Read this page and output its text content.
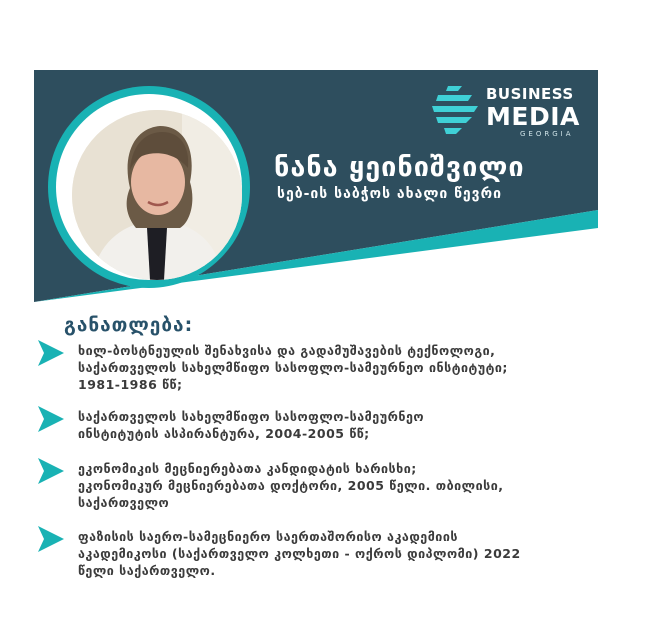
BUSINESS
MEDIA
GEORGIA
ნანა ყეინიშვილი
სებ-ის საბჭოს ახალი წევრი
განათლება:
ხილ-ბოსტნეულის შენახვისა და გადამუშავების ტექნოლოგი,
საქართველოს სახელმწიფო სასოფლო-სამეურნეო ინსტიტუტი;
1981-1986 წწ;
საქართველოს სახელმწიფო სასოფლო-სამეურნეო
ინსტიტუტის ასპირანტურა, 2004-2005 წწ;
ეკონომიკის მეცნიერებათა კანდიდატის ხარისხი;
ეკონომიკურ მეცნიერებათა დოქტორი, 2005 წელი. თბილისი,
საქართველო
ფაზისის საერო-სამეცნიერო საერთაშორისო აკადემიის
აკადემიკოსი (საქართველო კოლხეთი - ოქროს დიპლომი) 2022
წელი საქართველო.
